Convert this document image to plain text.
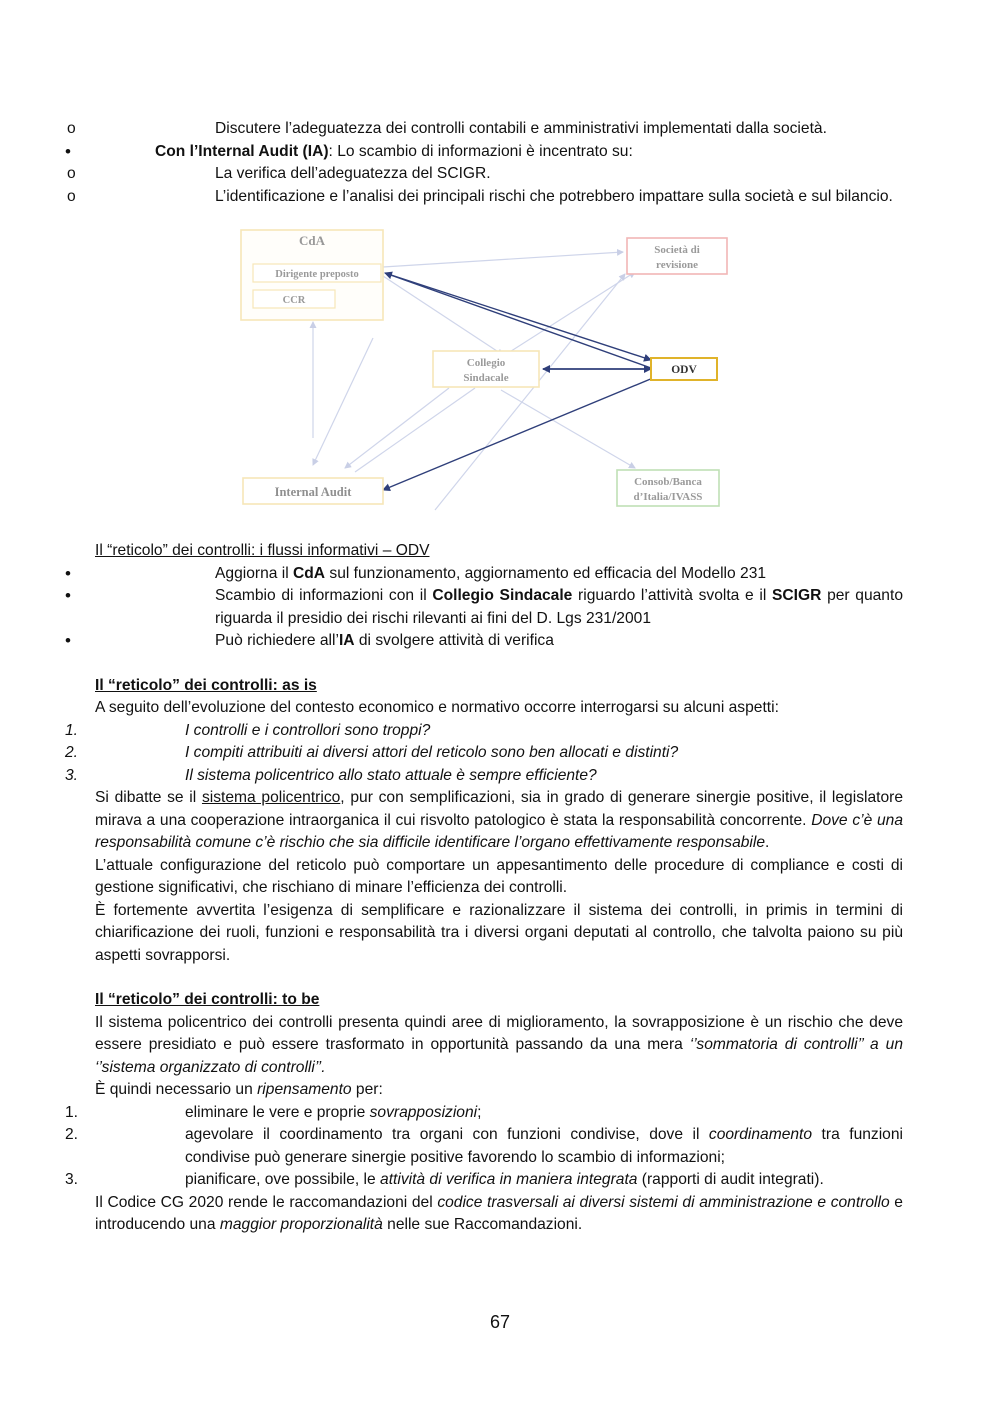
o Discutere l’adeguatezza dei controlli contabili e amministrativi implementati dalla società.
• Con l’Internal Audit (IA): Lo scambio di informazioni è incentrato su:
o La verifica dell’adeguatezza del SCIGR.
o L’identificazione e l’analisi dei principali rischi che potrebbero impattare sulla società e sul bilancio.
CdA
Dirigente preposto
CCR
Società di
revisione
Collegio
Sindacale
ODV
Internal Audit
Consob/Banca
d’Italia/IVASS

Il “reticolo” dei controlli: i flussi informativi – ODV

• Aggiorna il CdA sul funzionamento, aggiornamento ed efficacia del Modello 231
• Scambio di informazioni con il Collegio Sindacale riguardo l’attività svolta e il SCIGR per quanto riguarda il presidio dei rischi rilevanti ai fini del D. Lgs 231/2001
• Può richiedere all’IA di svolgere attività di verifica

Il “reticolo” dei controlli: as is

A seguito dell’evoluzione del contesto economico e normativo occorre interrogarsi su alcuni aspetti:

1.	I controlli e i controllori sono troppi?
2.	I compiti attribuiti ai diversi attori del reticolo sono ben allocati e distinti?
3.	Il sistema policentrico allo stato attuale è sempre efficiente?

Si dibatte se il sistema policentrico, pur con semplificazioni, sia in grado di generare sinergie positive, il legislatore mirava a una cooperazione intraorganica il cui risvolto patologico è stata la responsabilità concorrente. Dove c’è una responsabilità comune c’è rischio che sia difficile identificare l’organo effettivamente responsabile.

L’attuale configurazione del reticolo può comportare un appesantimento delle procedure di compliance e costi di gestione significativi, che rischiano di minare l’efficienza dei controlli.

È fortemente avvertita l’esigenza di semplificare e razionalizzare il sistema dei controlli, in primis in termini di chiarificazione dei ruoli, funzioni e responsabilità tra i diversi organi deputati al controllo, che talvolta paiono su più aspetti sovrapporsi.

Il “reticolo” dei controlli: to be

Il sistema policentrico dei controlli presenta quindi aree di miglioramento, la sovrapposizione è un rischio che deve essere presidiato e può essere trasformato in opportunità passando da una mera ‘’sommatoria di controlli’’ a un ‘’sistema organizzato di controlli’’.

È quindi necessario un ripensamento per:

1.	eliminare le vere e proprie sovrapposizioni;
2.	agevolare il coordinamento tra organi con funzioni condivise, dove il coordinamento tra funzioni condivise può generare sinergie positive favorendo lo scambio di informazioni;
3.	pianificare, ove possibile, le attività di verifica in maniera integrata (rapporti di audit integrati).

Il Codice CG 2020 rende le raccomandazioni del codice trasversali ai diversi sistemi di amministrazione e controllo e introducendo una maggior proporzionalità nelle sue Raccomandazioni.

67
